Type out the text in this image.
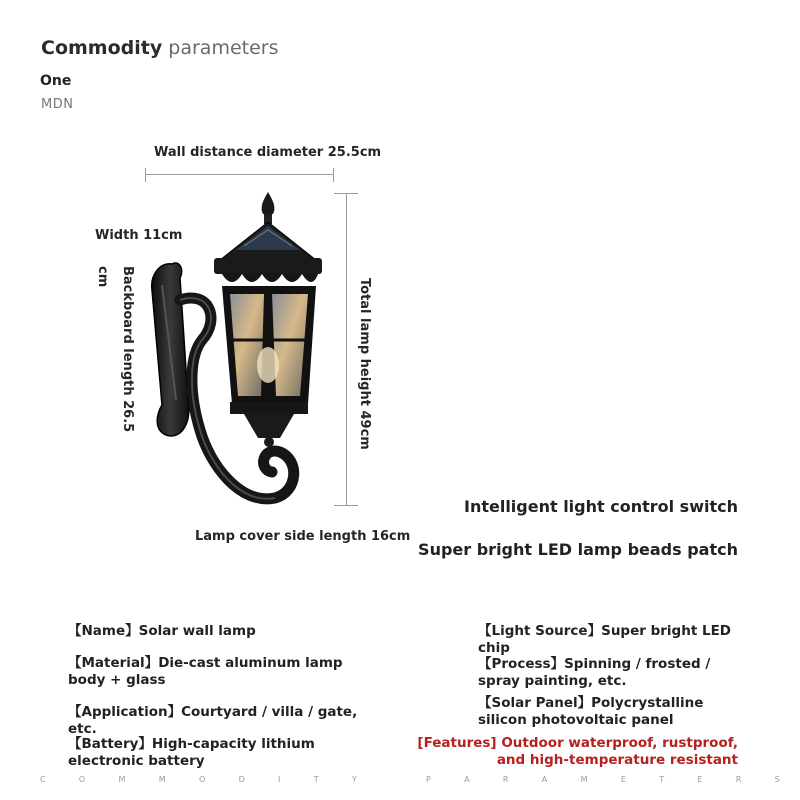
Commodity parameters
One
MDN
Wall distance diameter 25.5cm
Width 11cm
Backboard length 26.5
cm
Total lamp height 49cm
Lamp cover side length 16cm
Intelligent light control switch
Super bright LED lamp beads patch
【Name】Solar wall lamp
【Material】Die-cast aluminum lamp body + glass
【Application】Courtyard / villa / gate, etc.
【Battery】High-capacity lithium electronic battery
【Light Source】Super bright LED chip
【Process】Spinning / frosted / spray painting, etc.
【Solar Panel】Polycrystalline silicon photovoltaic panel
[Features] Outdoor waterproof, rustproof, and high-temperature resistant
C	O	M	M	O	D	I	T	Y
	P	A	R	A	M	E	T	E	R	S
